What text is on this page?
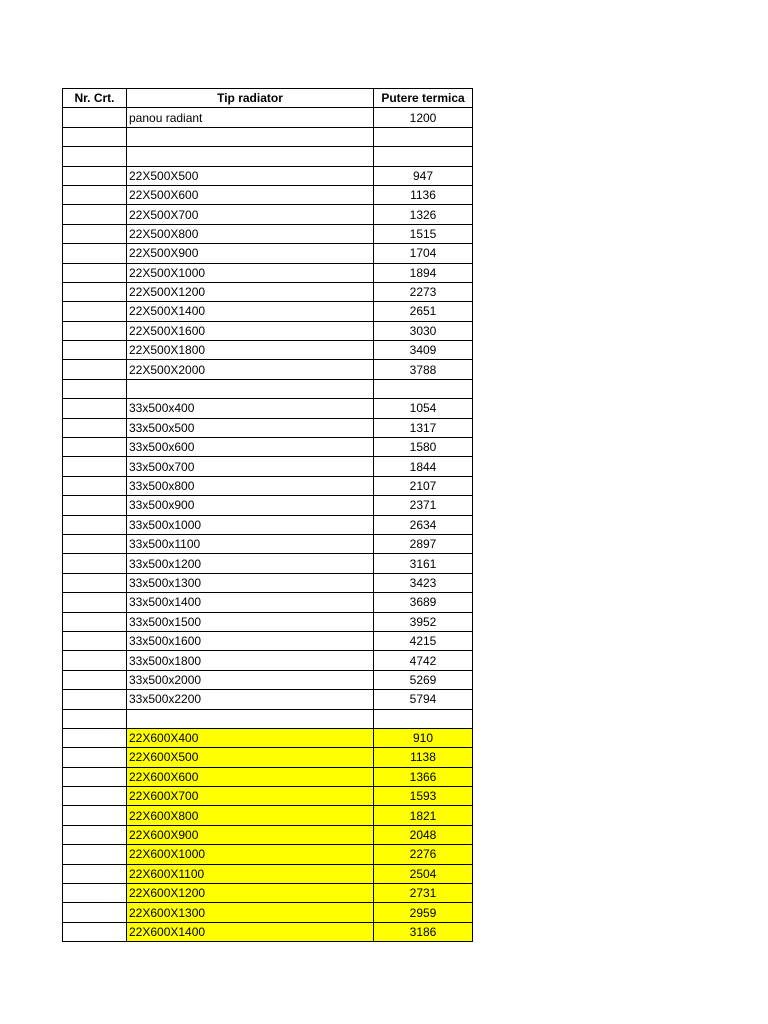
Nr. Crt.	Tip radiator	Putere termica
	panou radiant	1200

	22X500X500	947
	22X500X600	1136
	22X500X700	1326
	22X500X800	1515
	22X500X900	1704
	22X500X1000	1894
	22X500X1200	2273
	22X500X1400	2651
	22X500X1600	3030
	22X500X1800	3409
	22X500X2000	3788

	33x500x400	1054
	33x500x500	1317
	33x500x600	1580
	33x500x700	1844
	33x500x800	2107
	33x500x900	2371
	33x500x1000	2634
	33x500x1100	2897
	33x500x1200	3161
	33x500x1300	3423
	33x500x1400	3689
	33x500x1500	3952
	33x500x1600	4215
	33x500x1800	4742
	33x500x2000	5269
	33x500x2200	5794

	22X600X400	910
	22X600X500	1138
	22X600X600	1366
	22X600X700	1593
	22X600X800	1821
	22X600X900	2048
	22X600X1000	2276
	22X600X1100	2504
	22X600X1200	2731
	22X600X1300	2959
	22X600X1400	3186
